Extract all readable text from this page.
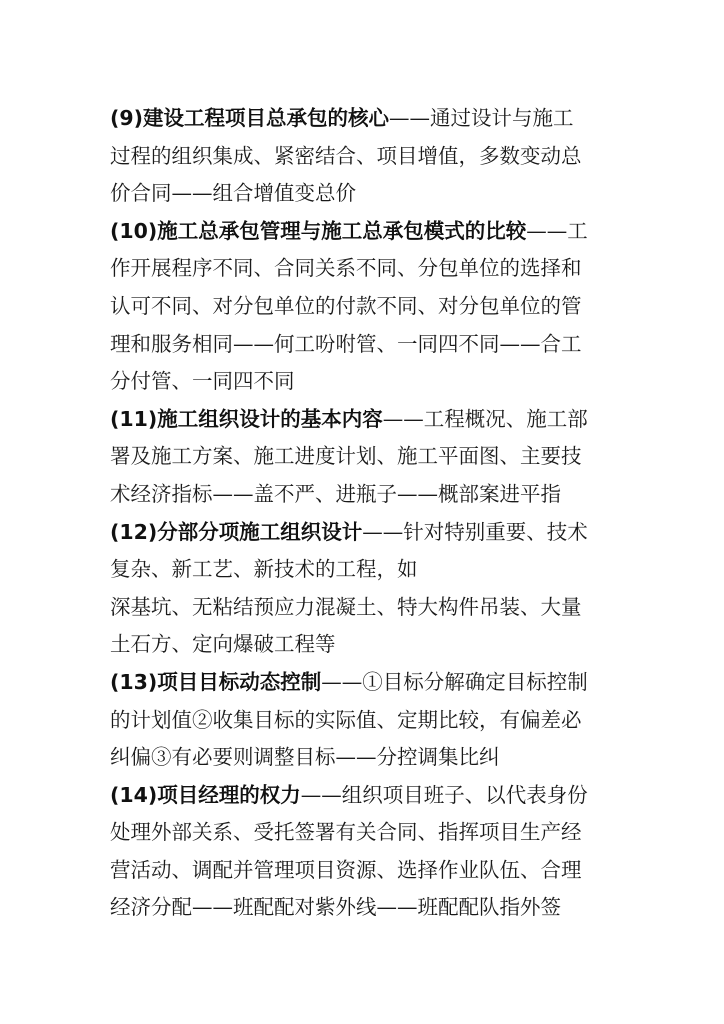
(9)建设工程项目总承包的核心——通过设计与施工
过程的组织集成、紧密结合、项目增值，多数变动总
价合同——组合增值变总价
(10)施工总承包管理与施工总承包模式的比较——工
作开展程序不同、合同关系不同、分包单位的选择和
认可不同、对分包单位的付款不同、对分包单位的管
理和服务相同——何工吩咐管、一同四不同——合工
分付管、一同四不同
(11)施工组织设计的基本内容——工程概况、施工部
署及施工方案、施工进度计划、施工平面图、主要技
术经济指标——盖不严、进瓶子——概部案进平指
(12)分部分项施工组织设计——针对特别重要、技术
复杂、新工艺、新技术的工程，如
深基坑、无粘结预应力混凝土、特大构件吊装、大量
土石方、定向爆破工程等
(13)项目目标动态控制——①目标分解确定目标控制
的计划值②收集目标的实际值、定期比较，有偏差必
纠偏③有必要则调整目标——分控调集比纠
(14)项目经理的权力——组织项目班子、以代表身份
处理外部关系、受托签署有关合同、指挥项目生产经
营活动、调配并管理项目资源、选择作业队伍、合理
经济分配——班配配对紫外线——班配配队指外签
